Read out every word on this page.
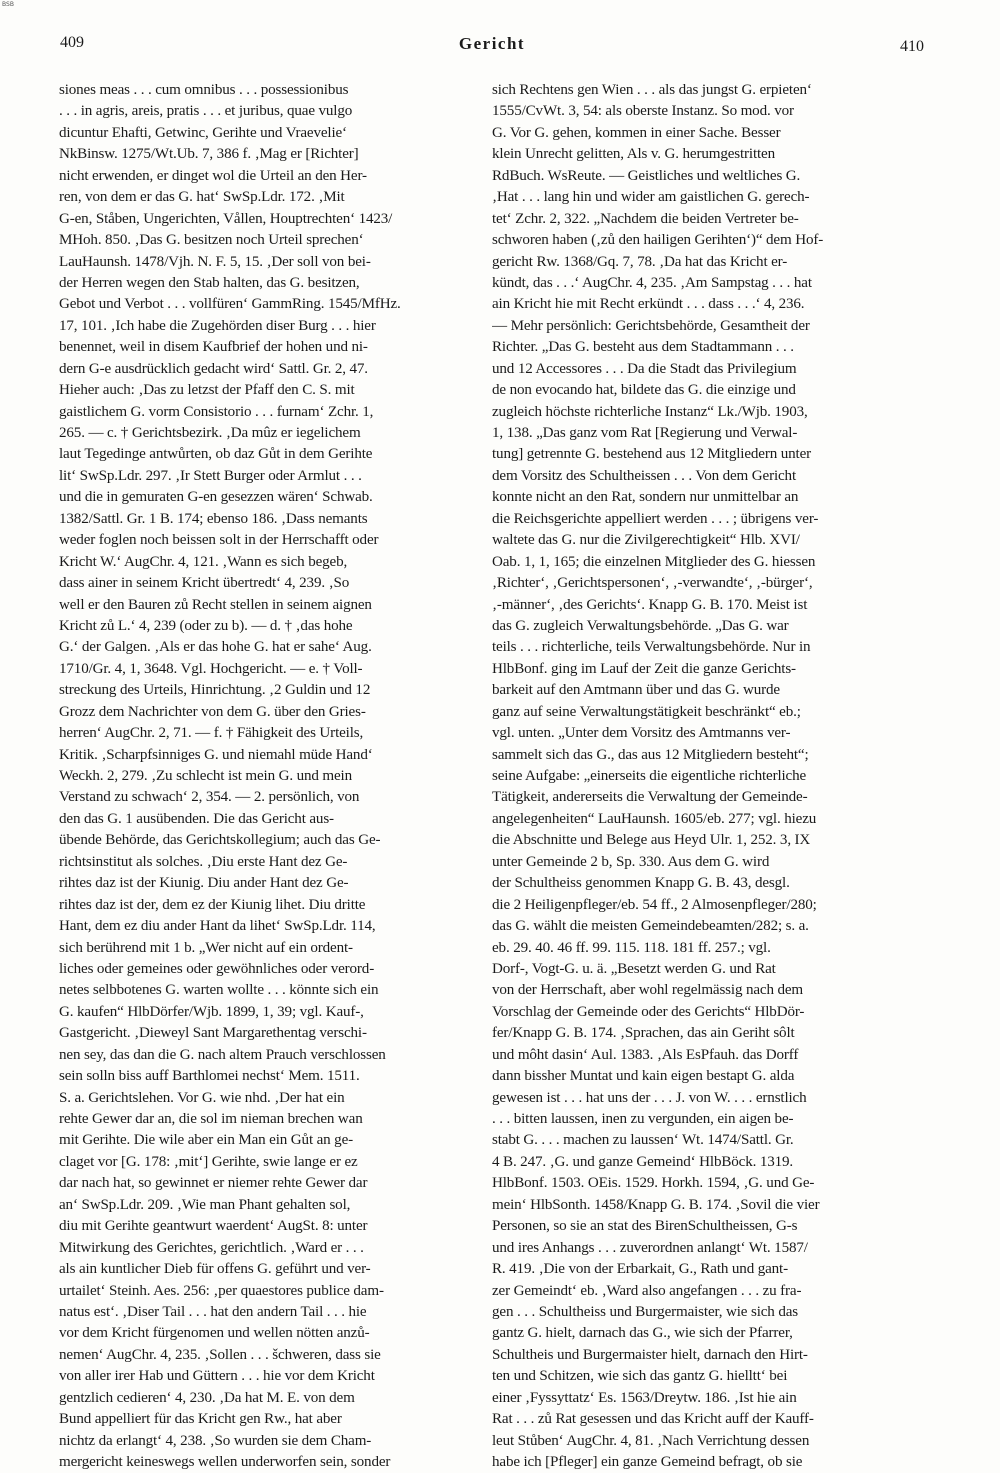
BSB
409	Gericht	410
siones meas . . . cum omnibus . . . possessionibus
. . . in agris, areis, pratis . . . et juribus, quae vulgo
dicuntur Ehafti, Getwinc, Gerihte und Vraevelie‘
NkBinsw. 1275/Wt.Ub. 7, 386 f. ‚Mag er [Richter]
nicht erwenden, er dinget wol die Urteil an den Her-
ren, von dem er das G. hat‘ SwSp.Ldr. 172. ‚Mit
G-en, Ståben, Ungerichten, Vållen, Houptrechten‘ 1423/
MHoh. 850. ‚Das G. besitzen noch Urteil sprechen‘
LauHaunsh. 1478/Vjh. N. F. 5, 15. ‚Der soll von bei-
der Herren wegen den Stab halten, das G. besitzen,
Gebot und Verbot . . . vollfüren‘ GammRing. 1545/MfHz.
17, 101. ‚Ich habe die Zugehörden diser Burg . . . hier
benennet, weil in disem Kaufbrief der hohen und ni-
dern G-e ausdrücklich gedacht wird‘ Sattl. Gr. 2, 47.
Hieher auch: ‚Das zu letzst der Pfaff den C. S. mit
gaistlichem G. vorm Consistorio . . . furnam‘ Zchr. 1,
265. — c. † Gerichtsbezirk. ‚Da mûz er iegelichem
laut Tegedinge antwůrten, ob daz Gůt in dem Gerihte
lit‘ SwSp.Ldr. 297. ‚Ir Stett Burger oder Armlut . . .
und die in gemuraten G-en gesezzen wären‘ Schwab.
1382/Sattl. Gr. 1 B. 174; ebenso 186. ‚Dass nemants
weder foglen noch beissen solt in der Herrschafft oder
Kricht W.‘ AugChr. 4, 121. ‚Wann es sich begeb,
dass ainer in seinem Kricht übertredt‘ 4, 239. ‚So
well er den Bauren zů Recht stellen in seinem aignen
Kricht zů L.‘ 4, 239 (oder zu b). — d. † ‚das hohe
G.‘ der Galgen. ‚Als er das hohe G. hat er sahe‘ Aug.
1710/Gr. 4, 1, 3648. Vgl. Hochgericht. — e. † Voll-
streckung des Urteils, Hinrichtung. ‚2 Guldin und 12
Grozz dem Nachrichter von dem G. über den Gries-
herren‘ AugChr. 2, 71. — f. † Fähigkeit des Urteils,
Kritik. ‚Scharpfsinniges G. und niemahl müde Hand‘
Weckh. 2, 279. ‚Zu schlecht ist mein G. und mein
Verstand zu schwach‘ 2, 354. — 2. persönlich, von
den das G. 1 ausübenden. Die das Gericht aus-
übende Behörde, das Gerichtskollegium; auch das Ge-
richtsinstitut als solches. ‚Diu erste Hant dez Ge-
rihtes daz ist der Kiunig. Diu ander Hant dez Ge-
rihtes daz ist der, dem ez der Kiunig lihet. Diu dritte
Hant, dem ez diu ander Hant da lihet‘ SwSp.Ldr. 114,
sich berührend mit 1 b. „Wer nicht auf ein ordent-
liches oder gemeines oder gewöhnliches oder verord-
netes selbbotenes G. warten wollte . . . könnte sich ein
G. kaufen“ HlbDörfer/Wjb. 1899, 1, 39; vgl. Kauf-,
Gastgericht. ‚Dieweyl Sant Margarethentag verschi-
nen sey, das dan die G. nach altem Prauch verschlossen
sein solln biss auff Barthlomei nechst‘ Mem. 1511.
S. a. Gerichtslehen. Vor G. wie nhd. ‚Der hat ein
rehte Gewer dar an, die sol im nieman brechen wan
mit Gerihte. Die wile aber ein Man ein Gůt an ge-
claget vor [G. 178: ‚mit‘] Gerihte, swie lange er ez
dar nach hat, so gewinnet er niemer rehte Gewer dar
an‘ SwSp.Ldr. 209. ‚Wie man Phant gehalten sol,
diu mit Gerihte geantwurt waerdent‘ AugSt. 8: unter
Mitwirkung des Gerichtes, gerichtlich. ‚Ward er . . .
als ain kuntlicher Dieb für offens G. geführt und ver-
urtailet‘ Steinh. Aes. 256: ‚per quaestores publice dam-
natus est‘. ‚Diser Tail . . . hat den andern Tail . . . hie
vor dem Kricht fürgenomen und wellen nötten anzů-
nemen‘ AugChr. 4, 235. ‚Sollen . . . šchweren, dass sie
von aller irer Hab und Güttern . . . hie vor dem Kricht
gentzlich cedieren‘ 4, 230. ‚Da hat M. E. von dem
Bund appelliert für das Kricht gen Rw., hat aber
nichtz da erlangt‘ 4, 238. ‚So wurden sie dem Cham-
mergericht keineswegs wellen underworfen sein, sonder
sich Rechtens gen Wien . . . als das jungst G. erpieten‘
1555/CvWt. 3, 54: als oberste Instanz. So mod. vor
G. Vor G. gehen, kommen in einer Sache. Besser
klein Unrecht gelitten, Als v. G. herumgestritten
RdBuch. WsReute. — Geistliches und weltliches G.
‚Hat . . . lang hin und wider am gaistlichen G. gerech-
tet‘ Zchr. 2, 322. „Nachdem die beiden Vertreter be-
schworen haben (‚zů den hailigen Gerihten‘)“ dem Hof-
gericht Rw. 1368/Gq. 7, 78. ‚Da hat das Kricht er-
kündt, das . . .‘ AugChr. 4, 235. ‚Am Sampstag . . . hat
ain Kricht hie mit Recht erkündt . . . dass . . .‘ 4, 236.
— Mehr persönlich: Gerichtsbehörde, Gesamtheit der
Richter. „Das G. besteht aus dem Stadtammann . . .
und 12 Accessores . . . Da die Stadt das Privilegium
de non evocando hat, bildete das G. die einzige und
zugleich höchste richterliche Instanz“ Lk./Wjb. 1903,
1, 138. „Das ganz vom Rat [Regierung und Verwal-
tung] getrennte G. bestehend aus 12 Mitgliedern unter
dem Vorsitz des Schultheissen . . . Von dem Gericht
konnte nicht an den Rat, sondern nur unmittelbar an
die Reichsgerichte appelliert werden . . . ; übrigens ver-
waltete das G. nur die Zivilgerechtigkeit“ Hlb. XVI/
Oab. 1, 1, 165; die einzelnen Mitglieder des G. hiessen
‚Richter‘, ‚Gerichtspersonen‘, ‚-verwandte‘, ‚-bürger‘,
‚-männer‘, ‚des Gerichts‘. Knapp G. B. 170. Meist ist
das G. zugleich Verwaltungsbehörde. „Das G. war
teils . . . richterliche, teils Verwaltungsbehörde. Nur in
HlbBonf. ging im Lauf der Zeit die ganze Gerichts-
barkeit auf den Amtmann über und das G. wurde
ganz auf seine Verwaltungstätigkeit beschränkt“ eb.;
vgl. unten. „Unter dem Vorsitz des Amtmanns ver-
sammelt sich das G., das aus 12 Mitgliedern besteht“;
seine Aufgabe: „einerseits die eigentliche richterliche
Tätigkeit, andererseits die Verwaltung der Gemeinde-
angelegenheiten“ LauHaunsh. 1605/eb. 277; vgl. hiezu
die Abschnitte und Belege aus Heyd Ulr. 1, 252. 3, IX
unter Gemeinde 2 b, Sp. 330. Aus dem G. wird
der Schultheiss genommen Knapp G. B. 43, desgl.
die 2 Heiligenpfleger/eb. 54 ff., 2 Almosenpfleger/280;
das G. wählt die meisten Gemeindebeamten/282; s. a.
eb. 29. 40. 46 ff. 99. 115. 118. 181 ff. 257.; vgl.
Dorf-, Vogt-G. u. ä. „Besetzt werden G. und Rat
von der Herrschaft, aber wohl regelmässig nach dem
Vorschlag der Gemeinde oder des Gerichts“ HlbDör-
fer/Knapp G. B. 174. ‚Sprachen, das ain Geriht sôlt
und môht dasin‘ Aul. 1383. ‚Als EsPfauh. das Dorff
dann bissher Muntat und kain eigen bestapt G. alda
gewesen ist . . . hat uns der . . . J. von W. . . . ernstlich
. . . bitten laussen, inen zu vergunden, ein aigen be-
stabt G. . . . machen zu laussen‘ Wt. 1474/Sattl. Gr.
4 B. 247. ‚G. und ganze Gemeind‘ HlbBöck. 1319.
HlbBonf. 1503. OEis. 1529. Horkh. 1594, ‚G. und Ge-
mein‘ HlbSonth. 1458/Knapp G. B. 174. ‚Sovil die vier
Personen, so sie an stat des BirenSchultheissen, G-s
und ires Anhangs . . . zuverordnen anlangt‘ Wt. 1587/
R. 419. ‚Die von der Erbarkait, G., Rath und gant-
zer Gemeindt‘ eb. ‚Ward also angefangen . . . zu fra-
gen . . . Schultheiss und Burgermaister, wie sich das
gantz G. hielt, darnach das G., wie sich der Pfarrer,
Schultheis und Burgermaister hielt, darnach den Hirt-
ten und Schitzen, wie sich das gantz G. hielltt‘ bei
einer ‚Fyssyttatz‘ Es. 1563/Dreytw. 186. ‚Ist hie ain
Rat . . . zů Rat gesessen und das Kricht auff der Kauff-
leut Stůben‘ AugChr. 4, 81. ‚Nach Verrichtung dessen
habe ich [Pfleger] ein ganze Gemeind befragt, ob sie
